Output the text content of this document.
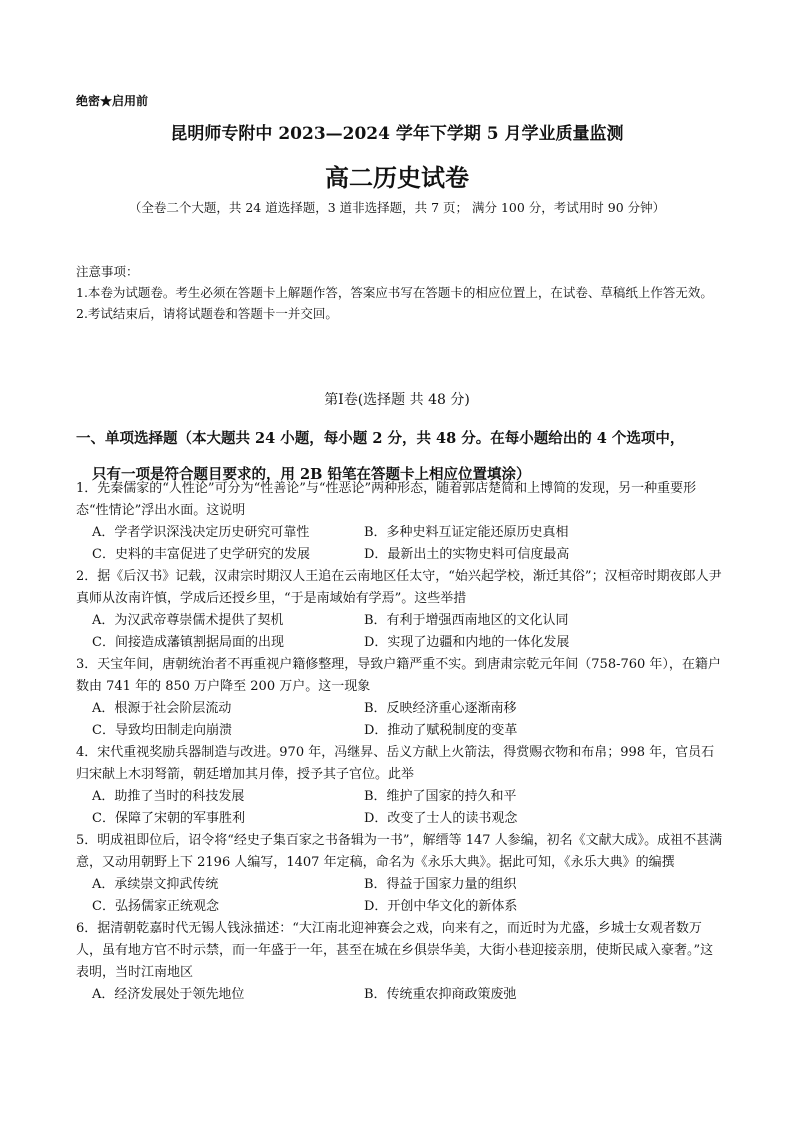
绝密★启用前
昆明师专附中 2023—2024 学年下学期 5 月学业质量监测
高二历史试卷
（全卷二个大题，共 24 道选择题，3 道非选择题，共 7 页； 满分 100 分，考试用时 90 分钟）

注意事项：

1.本卷为试题卷。考生必须在答题卡上解题作答，答案应书写在答题卡的相应位置上，在试卷、草稿纸上作答无效。

2.考试结束后，请将试题卷和答题卡一并交回。

第Ⅰ卷(选择题 共 48 分)
一、单项选择题（本大题共 24 小题，每小题 2 分，共 48 分。在每小题给出的 4 个选项中，
只有一项是符合题目要求的，用 2B 铅笔在答题卡上相应位置填涂）

1．先秦儒家的“人性论”可分为“性善论”与“性恶论”两种形态，随着郭店楚简和上博简的发现，另一种重要形态“性情论”浮出水面。这说明

A．学者学识深浅决定历史研究可靠性	B．多种史料互证定能还原历史真相
C．史料的丰富促进了史学研究的发展	D．最新出土的实物史料可信度最高

2．据《后汉书》记载，汉肃宗时期汉人王追在云南地区任太守，“始兴起学校，渐迁其俗”；汉桓帝时期夜郎人尹真师从汝南许慎，学成后还授乡里，“于是南域始有学焉”。这些举措

A．为汉武帝尊崇儒术提供了契机	B．有利于增强西南地区的文化认同
C．间接造成藩镇割据局面的出现	D．实现了边疆和内地的一体化发展

3．天宝年间，唐朝统治者不再重视户籍修整理，导致户籍严重不实。到唐肃宗乾元年间（758-760 年），在籍户数由 741 年的 850 万户降至 200 万户。这一现象

A．根源于社会阶层流动	B．反映经济重心逐渐南移
C．导致均田制走向崩溃	D．推动了赋税制度的变革

4．宋代重视奖励兵器制造与改进。970 年，冯继昇、岳义方献上火箭法，得赏赐衣物和布帛；998 年，官员石归宋献上木羽弩箭，朝廷增加其月俸，授予其子官位。此举

A．助推了当时的科技发展	B．维护了国家的持久和平
C．保障了宋朝的军事胜利	D．改变了士人的读书观念

5．明成祖即位后，诏令将“经史子集百家之书备辑为一书”，解缙等 147 人参编，初名《文献大成》。成祖不甚满意，又动用朝野上下 2196 人编写，1407 年定稿，命名为《永乐大典》。据此可知，《永乐大典》的编撰

A．承续崇文抑武传统	B．得益于国家力量的组织
C．弘扬儒家正统观念	D．开创中华文化的新体系

6．据清朝乾嘉时代无锡人钱泳描述：“大江南北迎神赛会之戏，向来有之，而近时为尤盛，乡城士女观者数万人，虽有地方官不时示禁，而一年盛于一年，甚至在城在乡俱崇华美，大街小巷迎接亲朋，使斯民咸入豪奢。”这表明，当时江南地区

A．经济发展处于领先地位	B．传统重农抑商政策废弛
